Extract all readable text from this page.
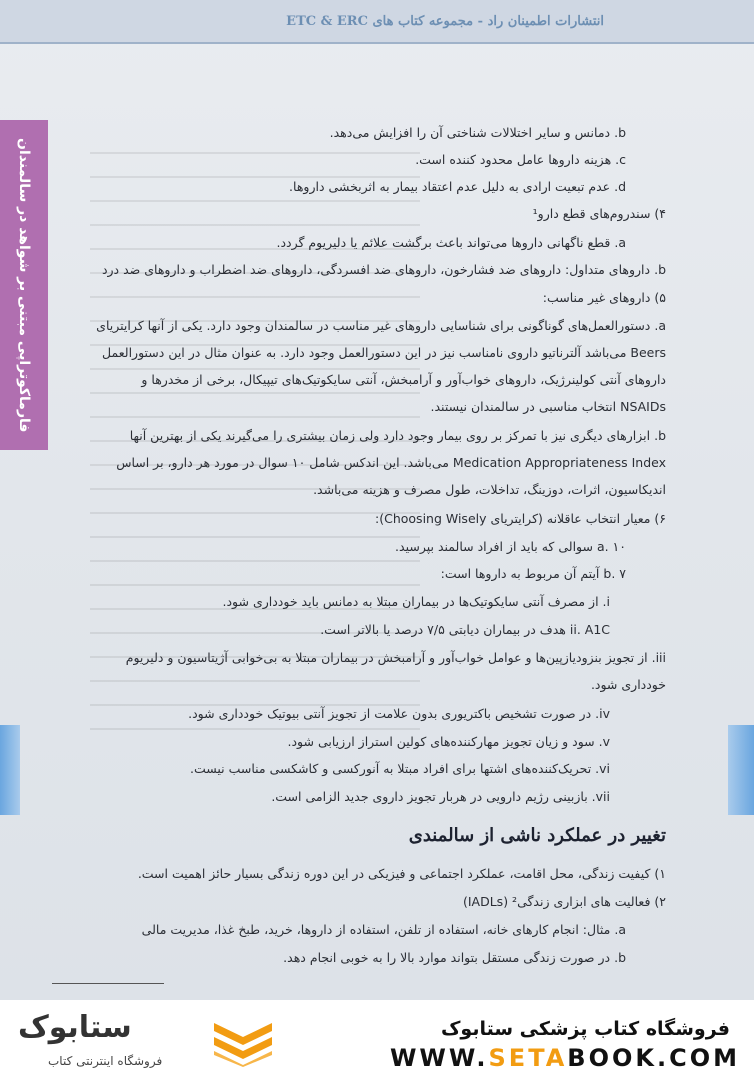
انتشارات اطمینان راد - مجموعه کتاب های ETC & ERC
فارماکوتراپی مبتنی بر شواهد در سالمندان
b. دمانس و سایر اختلالات شناختی آن را افزایش می‌دهد.
c. هزینه داروها عامل محدود کننده است.
d. عدم تبعیت ارادی به دلیل عدم اعتقاد بیمار به اثربخشی داروها.
۴) سندروم‌های قطع دارو¹
a. قطع ناگهانی داروها می‌تواند باعث برگشت علائم یا دلیریوم گردد.
b. داروهای متداول: داروهای ضد فشارخون، داروهای ضد افسردگی، داروهای ضد اضطراب و داروهای ضد درد
۵) داروهای غیر مناسب:
a. دستورالعمل‌های گوناگونی برای شناسایی داروهای غیر مناسب در سالمندان وجود دارد. یکی از آنها کرایتریای
Beers می‌باشد آلترناتیو داروی نامناسب نیز در این دستورالعمل وجود دارد. به عنوان مثال در این دستورالعمل
داروهای آنتی کولینرژیک، داروهای خواب‌آور و آرامبخش، آنتی سایکوتیک‌های تیپیکال، برخی از مخدرها و
NSAIDs انتخاب مناسبی در سالمندان نیستند.
b. ابزارهای دیگری نیز با تمرکز بر روی بیمار وجود دارد ولی زمان بیشتری را می‌گیرند یکی از بهترین آنها
Medication Appropriateness Index می‌باشد. این اندکس شامل ۱۰ سوال در مورد هر دارو، بر اساس
اندیکاسیون، اثرات، دوزینگ، تداخلات، طول مصرف و هزینه می‌باشد.
۶) معیار انتخاب عاقلانه (کرایتریای Choosing Wisely):
a. ۱۰ سوالی که باید از افراد سالمند بپرسید.
b. ۷ آیتم آن مربوط به داروها است:
i. از مصرف آنتی سایکوتیک‌ها در بیماران مبتلا به دمانس باید خودداری شود.
ii. A1C هدف در بیماران دیابتی ۷/۵ درصد یا بالاتر است.
iii. از تجویز بنزودیازپین‌ها و عوامل خواب‌آور و آرامبخش در بیماران مبتلا به بی‌خوابی آژیتاسیون و دلیریوم
خودداری شود.
iv. در صورت تشخیص باکتریوری بدون علامت از تجویز آنتی بیوتیک خودداری شود.
v. سود و زیان تجویز مهارکننده‌های کولین استراز ارزیابی شود.
vi. تحریک‌کننده‌های اشتها برای افراد مبتلا به آنورکسی و کاشکسی مناسب نیست.
vii. بازبینی رژیم دارویی در هربار تجویز داروی جدید الزامی است.
تغییر در عملکرد ناشی از سالمندی
۱) کیفیت زندگی، محل اقامت، عملکرد اجتماعی و فیزیکی در این دوره زندگی بسیار حائز اهمیت است.
۲) فعالیت های ابزاری زندگی² (IADLs)
a. مثال: انجام کارهای خانه، استفاده از تلفن، استفاده از داروها، خرید، طبخ غذا، مدیریت مالی
b. در صورت زندگی مستقل بتواند موارد بالا را به خوبی انجام دهد.
ستابوک
فروشگاه اینترنتی کتاب
فروشگاه کتاب پزشکی ستابوک
WWW.SETABOOK.COM
